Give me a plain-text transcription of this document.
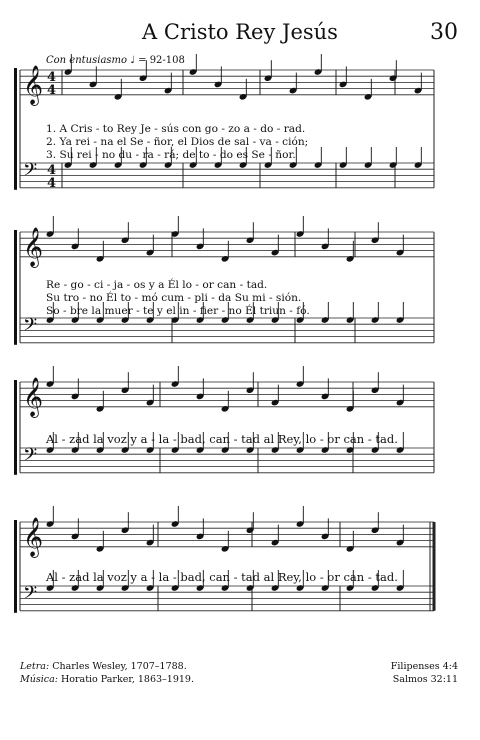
A Cristo Rey Jesús	30
Con entusiasmo ♩ = 92-108
𝄞 4
4
𝄢 4
4
𝄞
𝄢
𝄞
𝄢
𝄞
𝄢
1. A Cris - to Rey Je - sús con go - zo a - do - rad.
2. Ya rei - na el Se - ñor, el Dios de sal - va - ción;
3. Su rei - no du - ra - rá; de to - do es Se - ñor.
Re - go - ci - ja - os y a Él lo - or can - tad.
Su tro - no Él to - mó cum - pli - da Su mi - sión.
So - bre la muer - te y el in - fier - no Él triun - fó.
Al - zad la voz y a - la - bad, can - tad al Rey, lo - or can - tad.
Al - zad la voz y a - la - bad, can - tad al Rey, lo - or can - tad.
Letra: Charles Wesley, 1707–1788.
Música: Horatio Parker, 1863–1919.
Filipenses 4:4
Salmos 32:11
